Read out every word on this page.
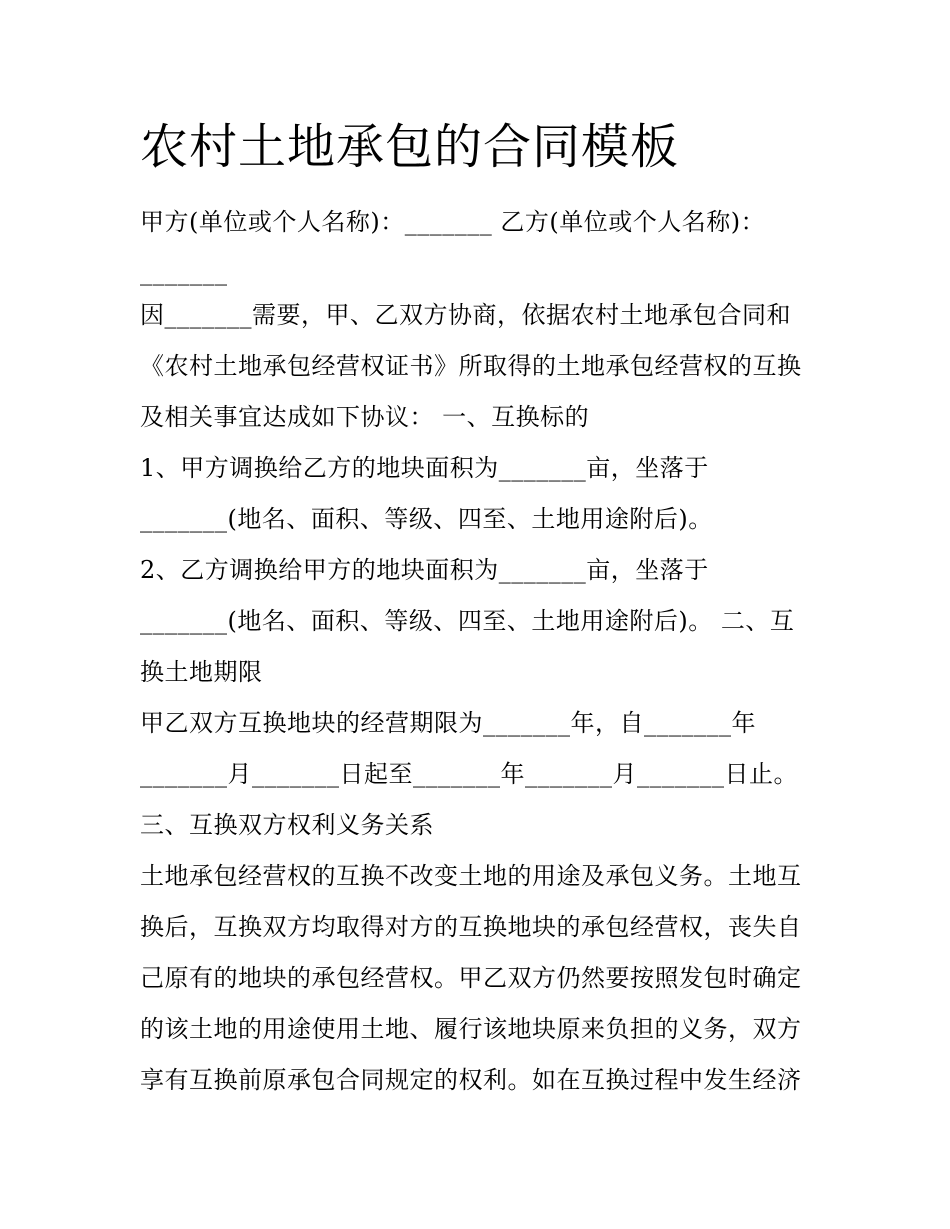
农村土地承包的合同模板
甲方(单位或个人名称)：_______ 乙方(单位或个人名称)：
_______
因_______需要，甲、乙双方协商，依据农村土地承包合同和
《农村土地承包经营权证书》所取得的土地承包经营权的互换
及相关事宜达成如下协议： 一、互换标的
1、甲方调换给乙方的地块面积为_______亩，坐落于
_______(地名、面积、等级、四至、土地用途附后)。
2、乙方调换给甲方的地块面积为_______亩，坐落于
_______(地名、面积、等级、四至、土地用途附后)。 二、互
换土地期限
甲乙双方互换地块的经营期限为_______年，自_______年
_______月_______日起至_______年_______月_______日止。
三、互换双方权利义务关系
土地承包经营权的互换不改变土地的用途及承包义务。土地互
换后，互换双方均取得对方的互换地块的承包经营权，丧失自
己原有的地块的承包经营权。甲乙双方仍然要按照发包时确定
的该土地的用途使用土地、履行该地块原来负担的义务，双方
享有互换前原承包合同规定的权利。如在互换过程中发生经济
